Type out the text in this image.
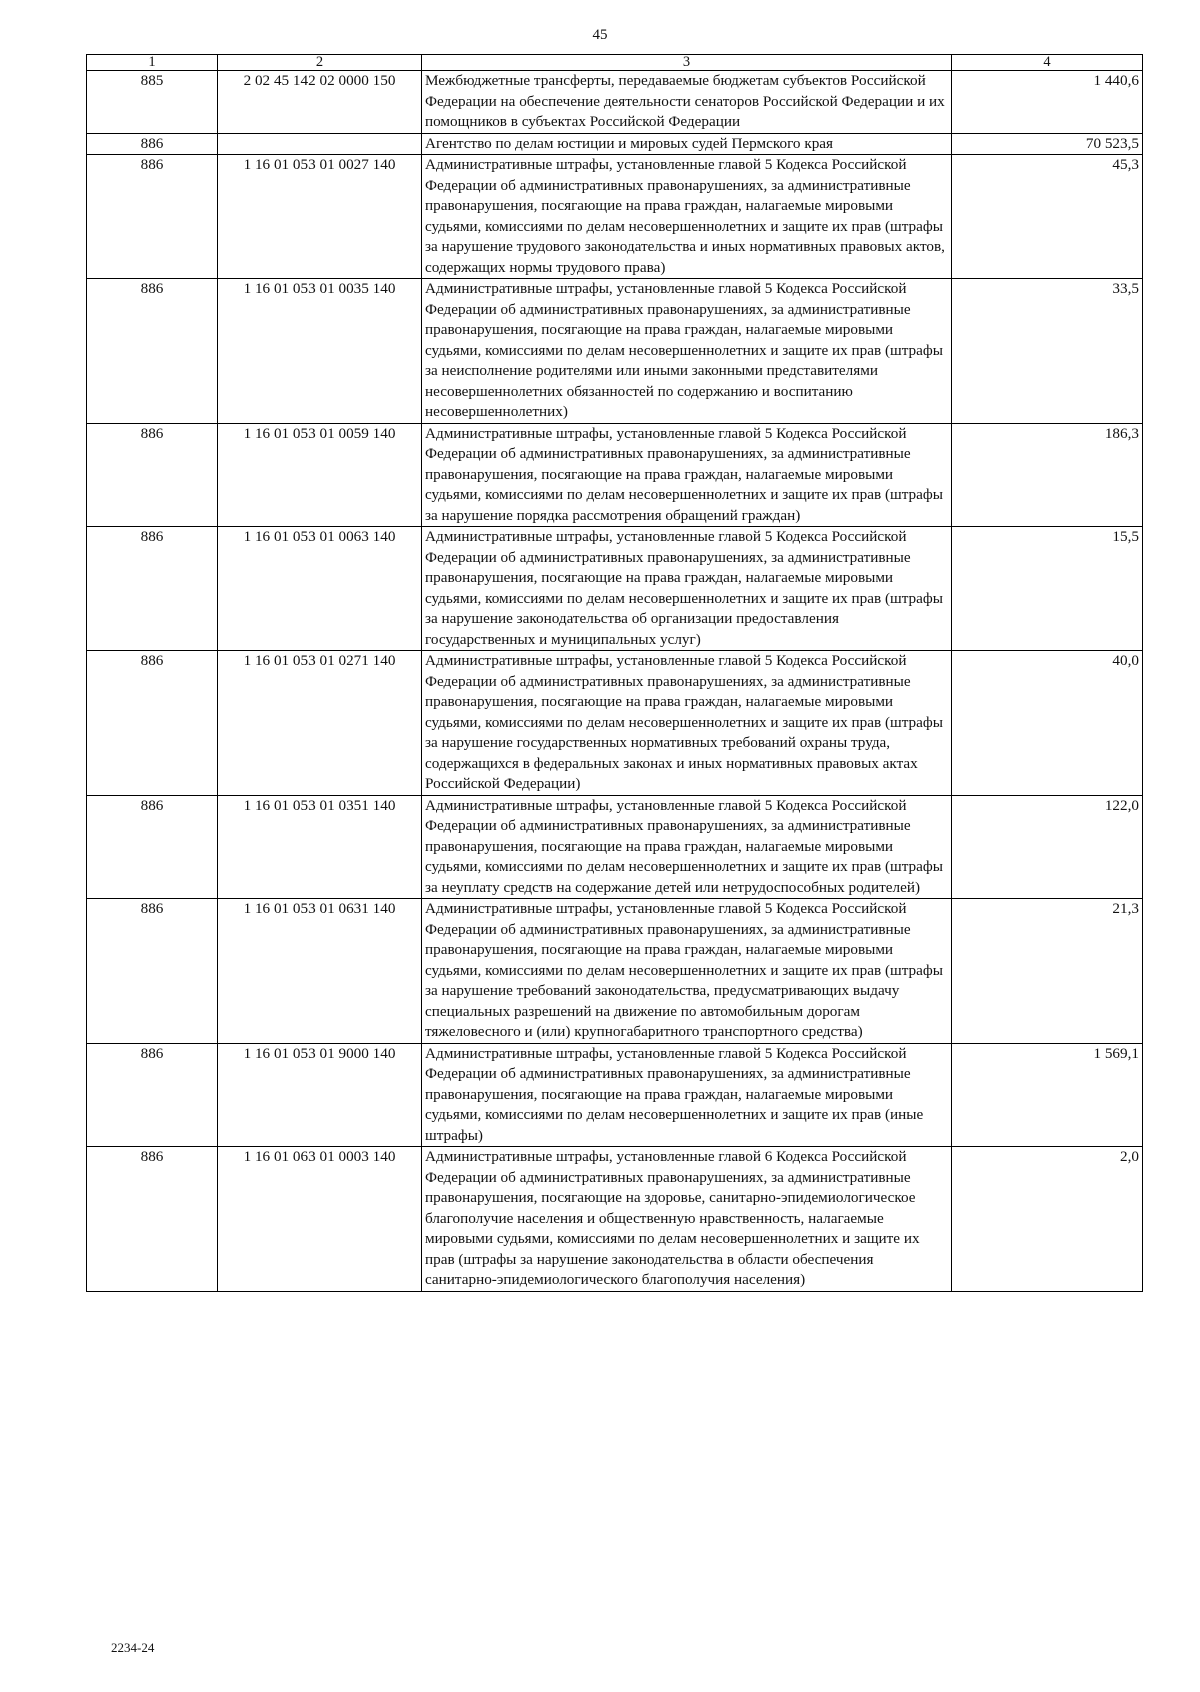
45
1	2	3	4
885	2 02 45 142 02 0000 150	Межбюджетные трансферты, передаваемые бюджетам субъектов Российской Федерации на обеспечение деятельности сенаторов Российской Федерации и их помощников в субъектах Российской Федерации	1 440,6
886		Агентство по делам юстиции и мировых судей Пермского края	70 523,5
886	1 16 01 053 01 0027 140	Административные штрафы, установленные главой 5 Кодекса Российской Федерации об административных правонарушениях, за административные правонарушения, посягающие на права граждан, налагаемые мировыми судьями, комиссиями по делам несовершеннолетних и защите их прав (штрафы за нарушение трудового законодательства и иных нормативных правовых актов, содержащих нормы трудового права)	45,3
886	1 16 01 053 01 0035 140	Административные штрафы, установленные главой 5 Кодекса Российской Федерации об административных правонарушениях, за административные правонарушения, посягающие на права граждан, налагаемые мировыми судьями, комиссиями по делам несовершеннолетних и защите их прав (штрафы за неисполнение родителями или иными законными представителями несовершеннолетних обязанностей по содержанию и воспитанию несовершеннолетних)	33,5
886	1 16 01 053 01 0059 140	Административные штрафы, установленные главой 5 Кодекса Российской Федерации об административных правонарушениях, за административные правонарушения, посягающие на права граждан, налагаемые мировыми судьями, комиссиями по делам несовершеннолетних и защите их прав (штрафы за нарушение порядка рассмотрения обращений граждан)	186,3
886	1 16 01 053 01 0063 140	Административные штрафы, установленные главой 5 Кодекса Российской Федерации об административных правонарушениях, за административные правонарушения, посягающие на права граждан, налагаемые мировыми судьями, комиссиями по делам несовершеннолетних и защите их прав (штрафы за нарушение законодательства об организации предоставления государственных и муниципальных услуг)	15,5
886	1 16 01 053 01 0271 140	Административные штрафы, установленные главой 5 Кодекса Российской Федерации об административных правонарушениях, за административные правонарушения, посягающие на права граждан, налагаемые мировыми судьями, комиссиями по делам несовершеннолетних и защите их прав (штрафы за нарушение государственных нормативных требований охраны труда, содержащихся в федеральных законах и иных нормативных правовых актах Российской Федерации)	40,0
886	1 16 01 053 01 0351 140	Административные штрафы, установленные главой 5 Кодекса Российской Федерации об административных правонарушениях, за административные правонарушения, посягающие на права граждан, налагаемые мировыми судьями, комиссиями по делам несовершеннолетних и защите их прав (штрафы за неуплату средств на содержание детей или нетрудоспособных родителей)	122,0
886	1 16 01 053 01 0631 140	Административные штрафы, установленные главой 5 Кодекса Российской Федерации об административных правонарушениях, за административные правонарушения, посягающие на права граждан, налагаемые мировыми судьями, комиссиями по делам несовершеннолетних и защите их прав (штрафы за нарушение требований законодательства, предусматривающих выдачу специальных разрешений на движение по автомобильным дорогам тяжеловесного и (или) крупногабаритного транспортного средства)	21,3
886	1 16 01 053 01 9000 140	Административные штрафы, установленные главой 5 Кодекса Российской Федерации об административных правонарушениях, за административные правонарушения, посягающие на права граждан, налагаемые мировыми судьями, комиссиями по делам несовершеннолетних и защите их прав (иные штрафы)	1 569,1
886	1 16 01 063 01 0003 140	Административные штрафы, установленные главой 6 Кодекса Российской Федерации об административных правонарушениях, за административные правонарушения, посягающие на здоровье, санитарно-эпидемиологическое благополучие населения и общественную нравственность, налагаемые мировыми судьями, комиссиями по делам несовершеннолетних и защите их прав (штрафы за нарушение законодательства в области обеспечения санитарно-эпидемиологического благополучия населения)	2,0
2234-24
